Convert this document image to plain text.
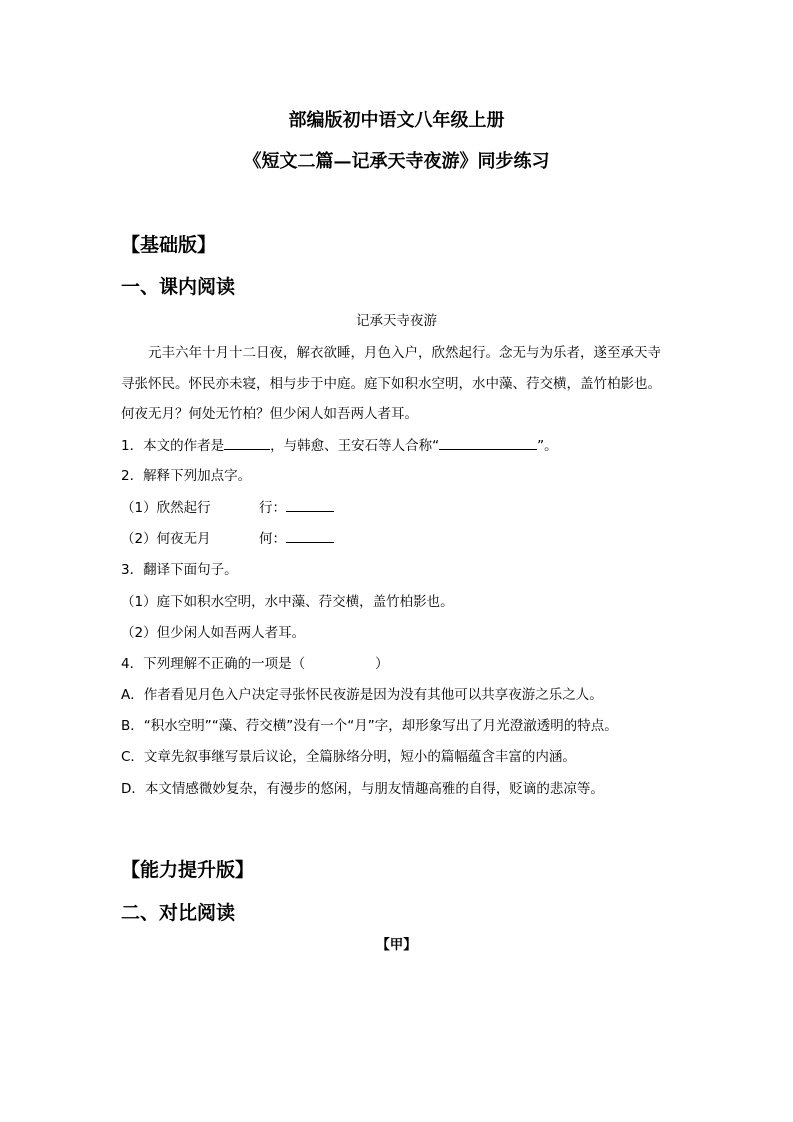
部编版初中语文八年级上册
《短文二篇—记承天寺夜游》同步练习
【基础版】
一、课内阅读
记承天寺夜游
元丰六年十月十二日夜，解衣欲睡，月色入户，欣然起行。念无与为乐者，遂至承天寺
寻张怀民。怀民亦未寝，相与步于中庭。庭下如积水空明，水中藻、荇交横，盖竹柏影也。
何夜无月？何处无竹柏？但少闲人如吾两人者耳。
1．本文的作者是	，与韩愈、王安石等人合称“	”。
2．解释下列加点字。
（1）欣然起行	行：
（2）何夜无月	何：
3．翻译下面句子。
（1）庭下如积水空明，水中藻、荇交横，盖竹柏影也。
（2）但少闲人如吾两人者耳。
4．下列理解不正确的一项是（	）
A．作者看见月色入户决定寻张怀民夜游是因为没有其他可以共享夜游之乐之人。
B．“积水空明”“藻、荇交横”没有一个“月”字，却形象写出了月光澄澈透明的特点。
C．文章先叙事继写景后议论，全篇脉络分明，短小的篇幅蕴含丰富的内涵。
D．本文情感微妙复杂，有漫步的悠闲，与朋友情趣高雅的自得，贬谪的悲凉等。
【能力提升版】
二、对比阅读
【甲】
